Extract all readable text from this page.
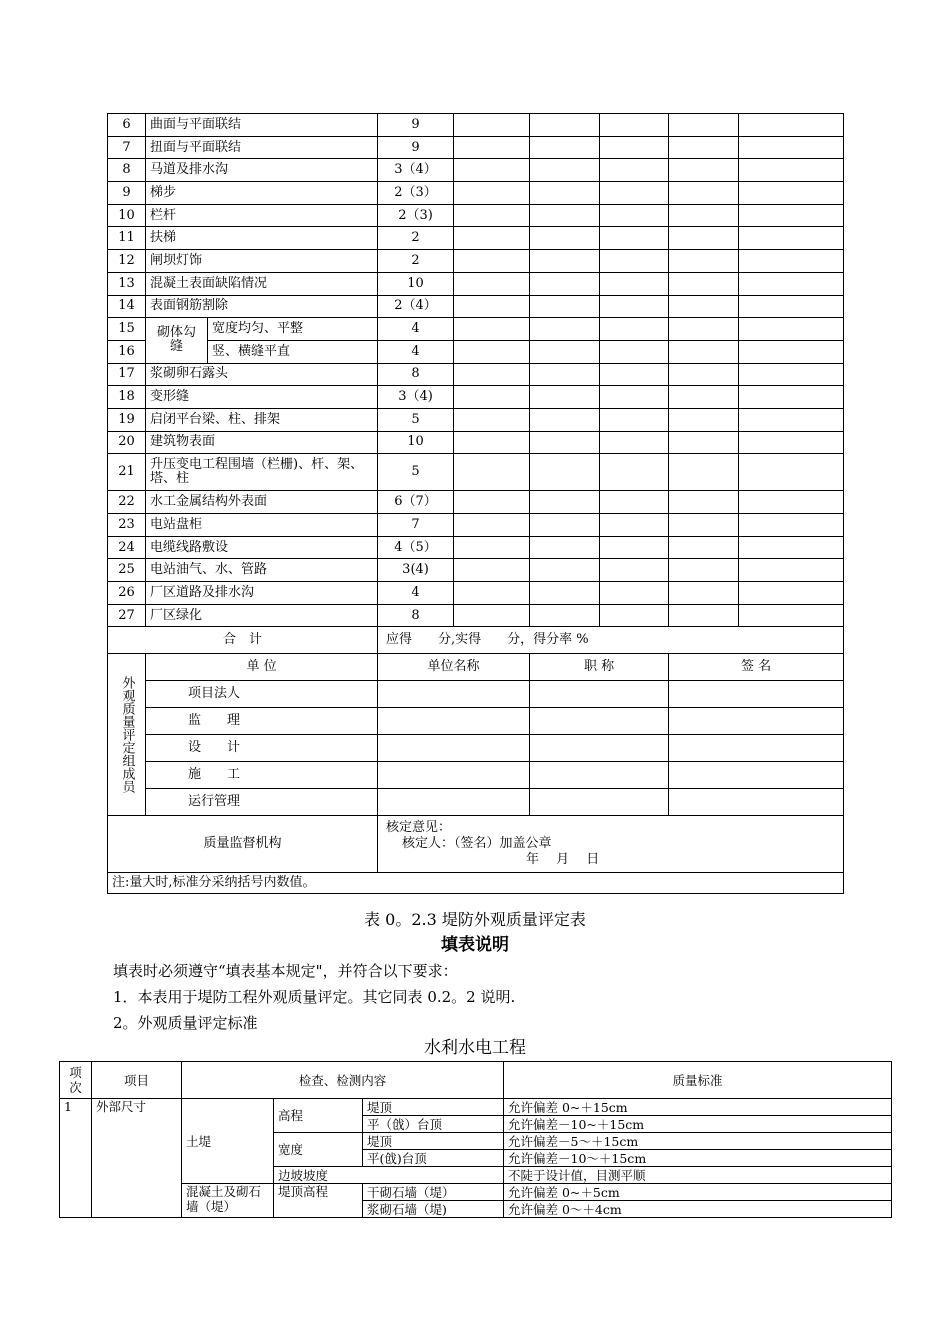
6	曲面与平面联结		9					
7	扭面与平面联结		9					
8	马道及排水沟		3（4）					
9	梯步		2（3）					
10	栏杆		2（3)					
11	扶梯		2					
12	闸坝灯饰		2					
13	混凝土表面缺陷情况		10					
14	表面钢筋割除		2（4）					
15	砌体勾缝	宽度均匀、平整	4					
16		竖、横缝平直	4					
17	浆砌卵石露头		8					
18	变形缝		3（4)					
19	启闭平台梁、柱、排架		5					
20	建筑物表面		10					
21	升压变电工程围墙（栏栅)、杆、架、塔、柱		5					
22	水工金属结构外表面		6（7）					
23	电站盘柜		7					
24	电缆线路敷设		4（5）					
25	电站油气、水、管路		3(4)					
26	厂区道路及排水沟		4					
27	厂区绿化		8					
合　计			应得　　分,实得　　分，得分率 %					

外观质量评定组成员	单 位		单位名称		职 称		签 名	
	项目法人							
	监　　理							
	设　　计							
	施　　工							
	运行管理							
质量监督机构			核定意见：
核定人：（签名）加盖公章
年　 月　 日					

注:量大时,标准分采纳括号内数值。								
表 0。2.3 堤防外观质量评定表
填表说明
填表时必须遵守“填表基本规定"，并符合以下要求：
1．本表用于堤防工程外观质量评定。其它同表 0.2。2 说明.
2。外观质量评定标准
水利水电工程
项次	项目	检查、检测内容			质量标准
1	外部尺寸	土堤	高程	堤顶	允许偏差 0~＋15cm
				平（戗）台顶	允许偏差－10~＋15cm
			宽度	堤顶	允许偏差－5～＋15cm
				平(戗)台顶	允许偏差－10～＋15cm
			边坡坡度		不陡于设计值，目测平顺
		混凝土及砌石墙（堤）	堤顶高程	干砌石墙（堤）	允许偏差 0~＋5cm
				浆砌石墙（堤)	允许偏差 0～＋4cm
